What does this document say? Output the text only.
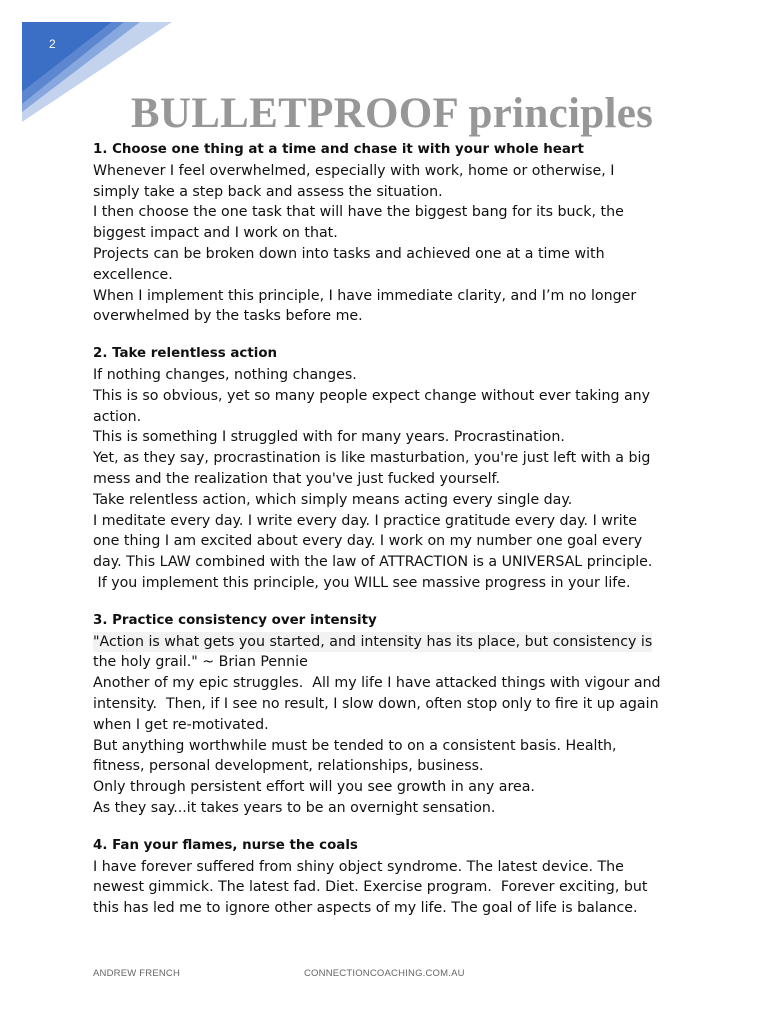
2
BULLETPROOF principles
1. Choose one thing at a time and chase it with your whole heart
Whenever I feel overwhelmed, especially with work, home or otherwise, I
simply take a step back and assess the situation.
I then choose the one task that will have the biggest bang for its buck, the
biggest impact and I work on that.
Projects can be broken down into tasks and achieved one at a time with
excellence.
When I implement this principle, I have immediate clarity, and I’m no longer
overwhelmed by the tasks before me.
2. Take relentless action
If nothing changes, nothing changes.
This is so obvious, yet so many people expect change without ever taking any
action.
This is something I struggled with for many years. Procrastination.
Yet, as they say, procrastination is like masturbation, you're just left with a big
mess and the realization that you've just fucked yourself.
Take relentless action, which simply means acting every single day.
I meditate every day. I write every day. I practice gratitude every day. I write
one thing I am excited about every day. I work on my number one goal every
day. This LAW combined with the law of ATTRACTION is a UNIVERSAL principle.
If you implement this principle, you WILL see massive progress in your life.
3. Practice consistency over intensity
"Action is what gets you started, and intensity has its place, but consistency is
the holy grail." ~ Brian Pennie
Another of my epic struggles.  All my life I have attacked things with vigour and
intensity.  Then, if I see no result, I slow down, often stop only to fire it up again
when I get re-motivated.
But anything worthwhile must be tended to on a consistent basis. Health,
fitness, personal development, relationships, business.
Only through persistent effort will you see growth in any area.
As they say...it takes years to be an overnight sensation.
4. Fan your flames, nurse the coals
I have forever suffered from shiny object syndrome. The latest device. The
newest gimmick. The latest fad. Diet. Exercise program.  Forever exciting, but
this has led me to ignore other aspects of my life. The goal of life is balance.
ANDREW FRENCH	CONNECTIONCOACHING.COM.AU
